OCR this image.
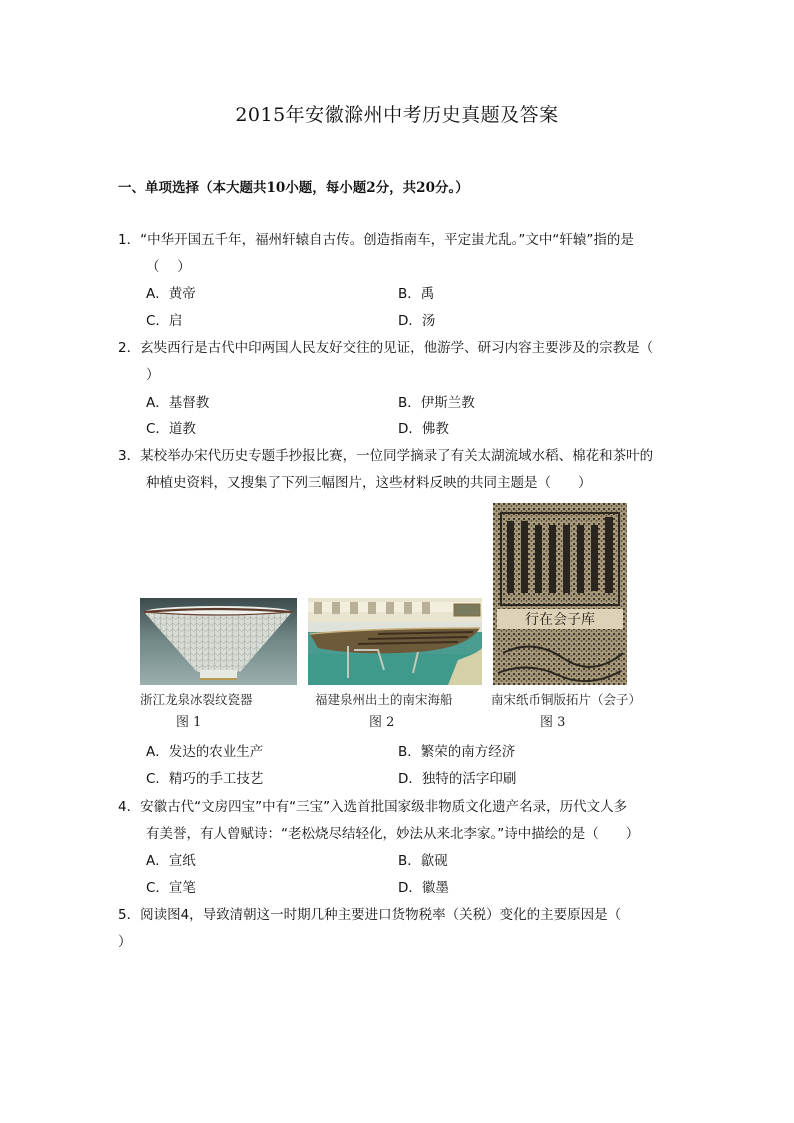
2015年安徽滁州中考历史真题及答案
一、单项选择（本大题共10小题，每小题2分，共20分。）
1．“中华开国五千年，福州轩辕自古传。创造指南车，平定蚩尤乱。”文中“轩辕”指的是
（　 ）
A．黄帝	B．禹
C．启	D．汤
2．玄奘西行是古代中印两国人民友好交往的见证，他游学、研习内容主要涉及的宗教是（
）
A．基督教	B．伊斯兰教
C．道教	D．佛教
3．某校举办宋代历史专题手抄报比赛，一位同学摘录了有关太湖流域水稻、棉花和茶叶的
种植史资料，又搜集了下列三幅图片，这些材料反映的共同主题是（　　）
浙江龙泉冰裂纹瓷器
图 1
福建泉州出土的南宋海船
图 2
行在会子库
南宋纸币铜版拓片（会子）
图 3
A．发达的农业生产	B．繁荣的南方经济
C．精巧的手工技艺	D．独特的活字印刷
4．安徽古代“文房四宝”中有“三宝”入选首批国家级非物质文化遗产名录，历代文人多
有美誉，有人曾赋诗：“老松烧尽结轻化，妙法从来北李家。”诗中描绘的是（　　）
A．宣纸	B．歙砚
C．宣笔	D．徽墨
5．阅读图4，导致清朝这一时期几种主要进口货物税率（关税）变化的主要原因是（
）
